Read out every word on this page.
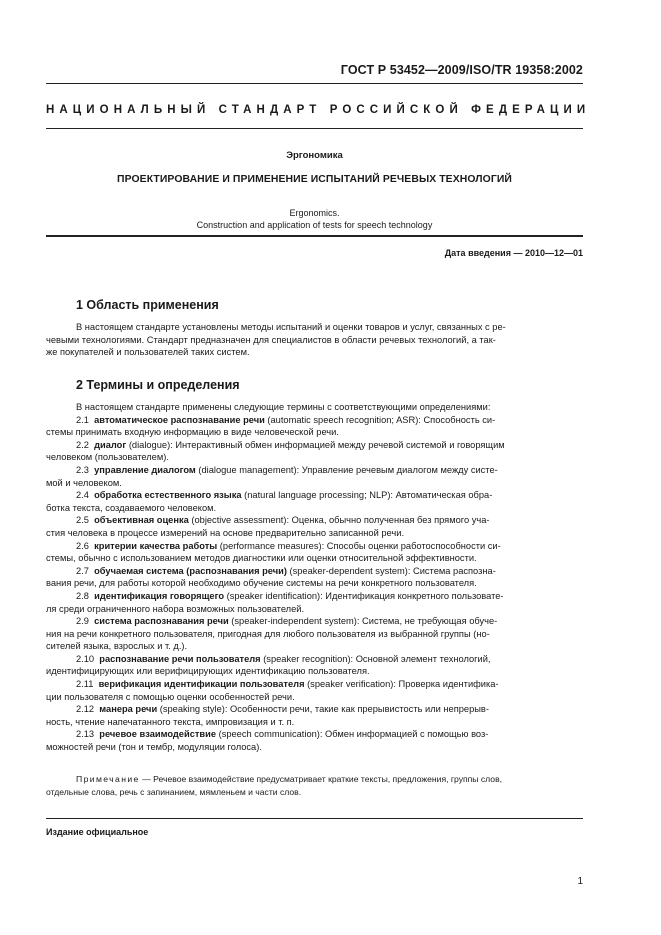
ГОСТ Р 53452—2009/ISO/TR 19358:2002
НАЦИОНАЛЬНЫЙ СТАНДАРТ РОССИЙСКОЙ ФЕДЕРАЦИИ
Эргономика
ПРОЕКТИРОВАНИЕ И ПРИМЕНЕНИЕ ИСПЫТАНИЙ РЕЧЕВЫХ ТЕХНОЛОГИЙ
Ergonomics.
Construction and application of tests for speech technology
Дата введения — 2010—12—01
1 Область применения
В настоящем стандарте установлены методы испытаний и оценки товаров и услуг, связанных с ре-
чевыми технологиями. Стандарт предназначен для специалистов в области речевых технологий, а так-
же покупателей и пользователей таких систем.
2 Термины и определения
В настоящем стандарте применены следующие термины с соответствующими определениями:
2.1 автоматическое распознавание речи (automatic speech recognition; ASR): Способность си-
стемы принимать входную информацию в виде человеческой речи.
2.2 диалог (dialogue): Интерактивный обмен информацией между речевой системой и говорящим
человеком (пользователем).
2.3 управление диалогом (dialogue management): Управление речевым диалогом между систе-
мой и человеком.
2.4 обработка естественного языка (natural language processing; NLP): Автоматическая обра-
ботка текста, создаваемого человеком.
2.5 объективная оценка (objective assessment): Оценка, обычно полученная без прямого уча-
стия человека в процессе измерений на основе предварительно записанной речи.
2.6 критерии качества работы (performance measures): Способы оценки работоспособности си-
стемы, обычно с использованием методов диагностики или оценки относительной эффективности.
2.7 обучаемая система (распознавания речи) (speaker-dependent system): Система распозна-
вания речи, для работы которой необходимо обучение системы на речи конкретного пользователя.
2.8 идентификация говорящего (speaker identification): Идентификация конкретного пользовате-
ля среди ограниченного набора возможных пользователей.
2.9 система распознавания речи (speaker-independent system): Система, не требующая обуче-
ния на речи конкретного пользователя, пригодная для любого пользователя из выбранной группы (но-
сителей языка, взрослых и т. д.).
2.10 распознавание речи пользователя (speaker recognition): Основной элемент технологий,
идентифицирующих или верифицирующих идентификацию пользователя.
2.11 верификация идентификации пользователя (speaker verification): Проверка идентифика-
ции пользователя с помощью оценки особенностей речи.
2.12 манера речи (speaking style): Особенности речи, такие как прерывистость или непрерыв-
ность, чтение напечатанного текста, импровизация и т. п.
2.13 речевое взаимодействие (speech communication): Обмен информацией с помощью воз-
можностей речи (тон и тембр, модуляции голоса).
Примечание — Речевое взаимодействие предусматривает краткие тексты, предложения, группы слов,
отдельные слова, речь с запинанием, мямленьем и части слов.
Издание официальное
1
